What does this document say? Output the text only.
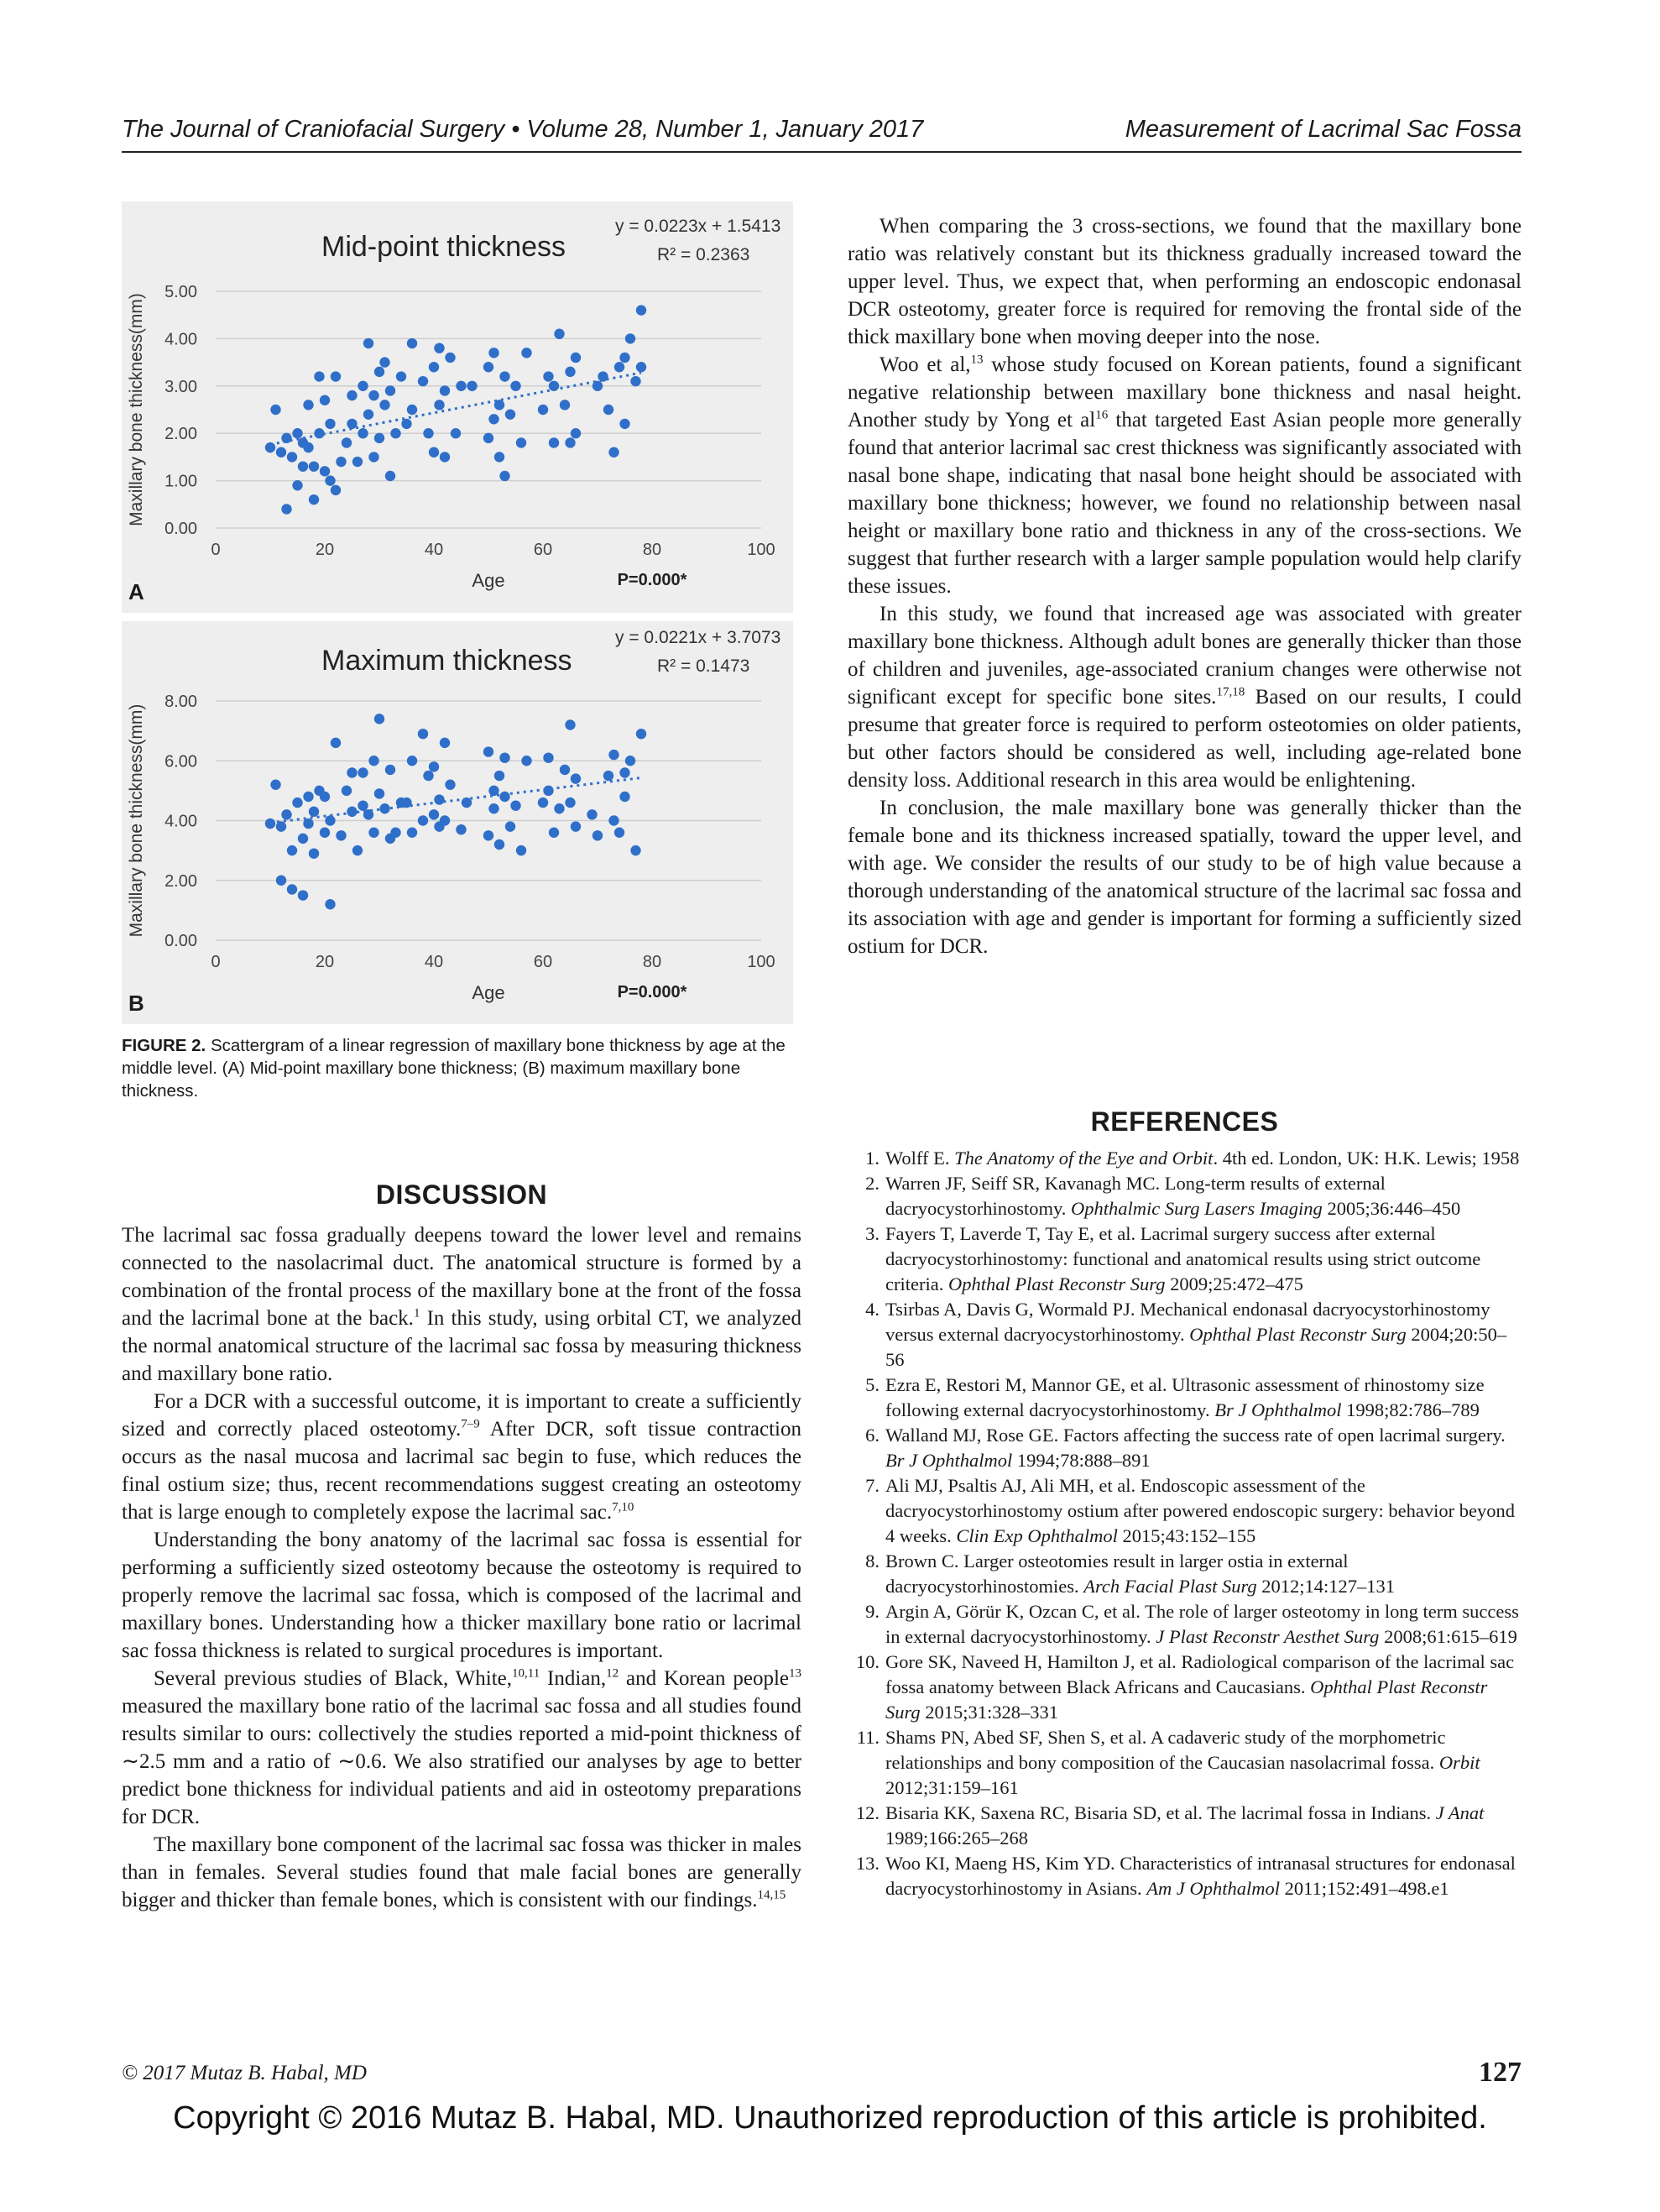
The Journal of Craniofacial Surgery • Volume 28, Number 1, January 2017	Measurement of Lacrimal Sac Fossa
Mid-point thickness
y = 0.0223x + 1.5413
R² = 0.2363
0.00
1.00
2.00
3.00
4.00
5.00
0	20	40	60	80	100
Age	P=0.000*
Maxillary bone thickness(mm)
A
Maximum thickness
y = 0.0221x + 3.7073
R² = 0.1473
0.00
2.00
4.00
6.00
8.00
0	20	40	60	80	100
Age	P=0.000*
Maxillary bone thickness(mm)
B
FIGURE 2. Scattergram of a linear regression of maxillary bone thickness by age at the middle level. (A) Mid-point maxillary bone thickness; (B) maximum maxillary bone thickness.
DISCUSSION

The lacrimal sac fossa gradually deepens toward the lower level and remains connected to the nasolacrimal duct. The anatomical structure is formed by a combination of the frontal process of the maxillary bone at the front of the fossa and the lacrimal bone at the back.$^1$ In this study, using orbital CT, we analyzed the normal anatomical structure of the lacrimal sac fossa by measuring thickness and maxillary bone ratio.

For a DCR with a successful outcome, it is important to create a sufficiently sized and correctly placed osteotomy.$^{7-9}$ After DCR, soft tissue contraction occurs as the nasal mucosa and lacrimal sac begin to fuse, which reduces the final ostium size; thus, recent recommendations suggest creating an osteotomy that is large enough to completely expose the lacrimal sac.$^{7,10}$

Understanding the bony anatomy of the lacrimal sac fossa is essential for performing a sufficiently sized osteotomy because the osteotomy is required to properly remove the lacrimal sac fossa, which is composed of the lacrimal and maxillary bones. Understanding how a thicker maxillary bone ratio or lacrimal sac fossa thickness is related to surgical procedures is important.

Several previous studies of Black, White,$^{10,11}$ Indian,$^{12}$ and Korean people$^{13}$ measured the maxillary bone ratio of the lacrimal sac fossa and all studies found results similar to ours: collectively the studies reported a mid-point thickness of ∼2.5 mm and a ratio of ∼0.6. We also stratified our analyses by age to better predict bone thickness for individual patients and aid in osteotomy preparations for DCR.

The maxillary bone component of the lacrimal sac fossa was thicker in males than in females. Several studies found that male facial bones are generally bigger and thicker than female bones, which is consistent with our findings.$^{14,15}$

When comparing the 3 cross-sections, we found that the maxillary bone ratio was relatively constant but its thickness gradually increased toward the upper level. Thus, we expect that, when performing an endoscopic endonasal DCR osteotomy, greater force is required for removing the frontal side of the thick maxillary bone when moving deeper into the nose.

Woo et al,$^{13}$ whose study focused on Korean patients, found a significant negative relationship between maxillary bone thickness and nasal height. Another study by Yong et $al^{16}$ that targeted East Asian people more generally found that anterior lacrimal sac crest thickness was significantly associated with nasal bone shape, indicating that nasal bone height should be associated with maxillary bone thickness; however, we found no relationship between nasal height or maxillary bone ratio and thickness in any of the cross-sections. We suggest that further research with a larger sample population would help clarify these issues.

In this study, we found that increased age was associated with greater maxillary bone thickness. Although adult bones are generally thicker than those of children and juveniles, age-associated cranium changes were otherwise not significant except for specific bone sites.$^{17,18}$ Based on our results, I could presume that greater force is required to perform osteotomies on older patients, but other factors should be considered as well, including age-related bone density loss. Additional research in this area would be enlightening.

In conclusion, the male maxillary bone was generally thicker than the female bone and its thickness increased spatially, toward the upper level, and with age. We consider the results of our study to be of high value because a thorough understanding of the anatomical structure of the lacrimal sac fossa and its association with age and gender is important for forming a sufficiently sized ostium for DCR.

REFERENCES
1. Wolff E. The Anatomy of the Eye and Orbit. 4th ed. London, UK: H.K. Lewis; 1958
2. Warren JF, Seiff SR, Kavanagh MC. Long-term results of external dacryocystorhinostomy. Ophthalmic Surg Lasers Imaging 2005;36:446–450
3. Fayers T, Laverde T, Tay E, et al. Lacrimal surgery success after external dacryocystorhinostomy: functional and anatomical results using strict outcome criteria. Ophthal Plast Reconstr Surg 2009;25:472–475
4. Tsirbas A, Davis G, Wormald PJ. Mechanical endonasal dacryocystorhinostomy versus external dacryocystorhinostomy. Ophthal Plast Reconstr Surg 2004;20:50–56
5. Ezra E, Restori M, Mannor GE, et al. Ultrasonic assessment of rhinostomy size following external dacryocystorhinostomy. Br J Ophthalmol 1998;82:786–789
6. Walland MJ, Rose GE. Factors affecting the success rate of open lacrimal surgery. Br J Ophthalmol 1994;78:888–891
7. Ali MJ, Psaltis AJ, Ali MH, et al. Endoscopic assessment of the dacryocystorhinostomy ostium after powered endoscopic surgery: behavior beyond 4 weeks. Clin Exp Ophthalmol 2015;43:152–155
8. Brown C. Larger osteotomies result in larger ostia in external dacryocystorhinostomies. Arch Facial Plast Surg 2012;14:127–131
9. Argin A, Görür K, Ozcan C, et al. The role of larger osteotomy in long term success in external dacryocystorhinostomy. J Plast Reconstr Aesthet Surg 2008;61:615–619
10. Gore SK, Naveed H, Hamilton J, et al. Radiological comparison of the lacrimal sac fossa anatomy between Black Africans and Caucasians. Ophthal Plast Reconstr Surg 2015;31:328–331
11. Shams PN, Abed SF, Shen S, et al. A cadaveric study of the morphometric relationships and bony composition of the Caucasian nasolacrimal fossa. Orbit 2012;31:159–161
12. Bisaria KK, Saxena RC, Bisaria SD, et al. The lacrimal fossa in Indians. J Anat 1989;166:265–268
13. Woo KI, Maeng HS, Kim YD. Characteristics of intranasal structures for endonasal dacryocystorhinostomy in Asians. Am J Ophthalmol 2011;152:491–498.e1
© 2017 Mutaz B. Habal, MD	127
Copyright © 2016 Mutaz B. Habal, MD. Unauthorized reproduction of this article is prohibited.
